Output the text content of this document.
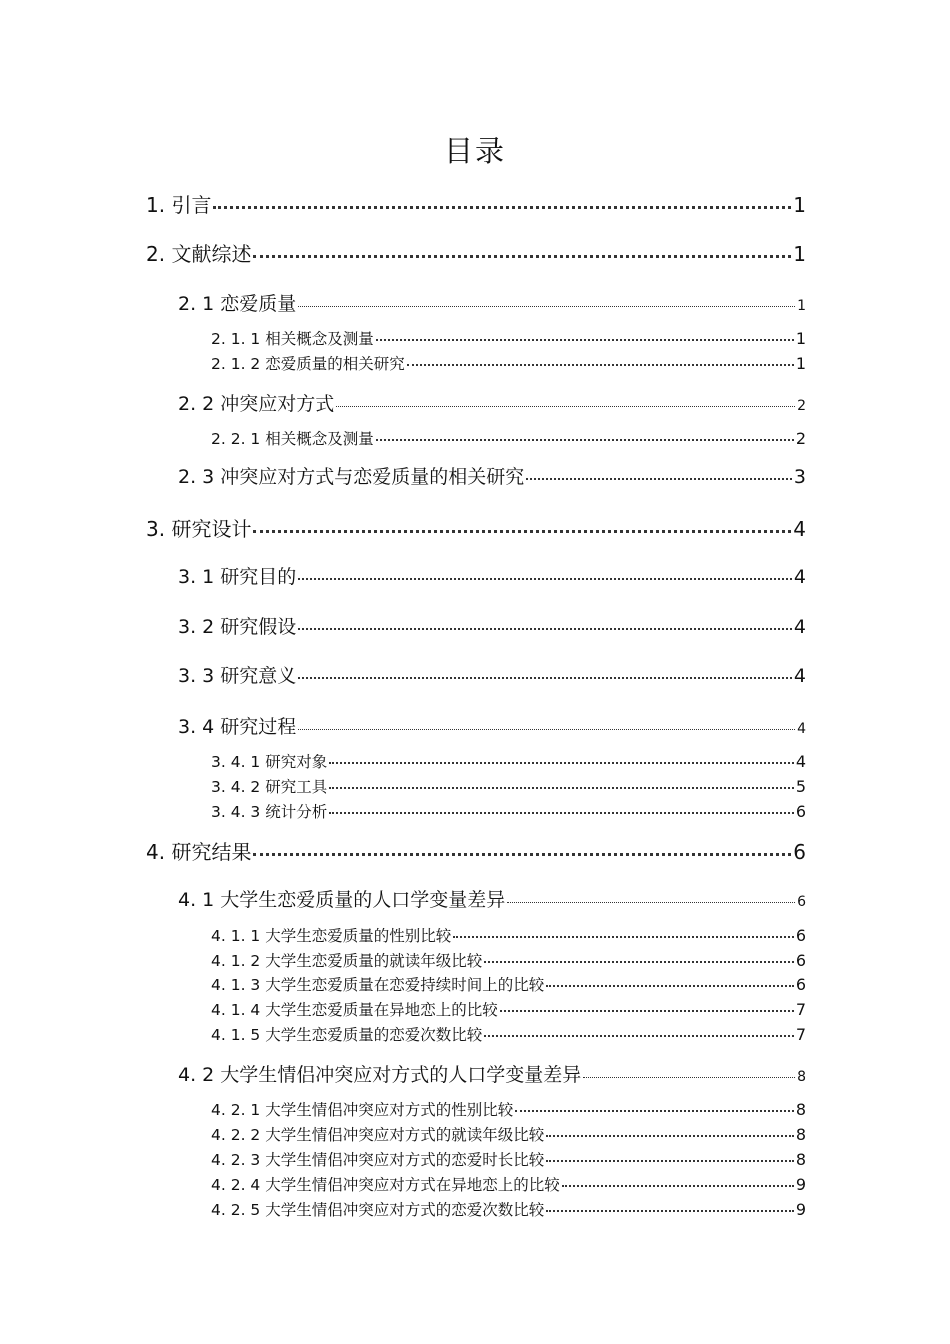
目录
1. 引言	1
2. 文献综述	1
2. 1 恋爱质量	1
2. 1. 1 相关概念及测量	1
2. 1. 2 恋爱质量的相关研究	1
2. 2 冲突应对方式	2
2. 2. 1 相关概念及测量	2
2. 3 冲突应对方式与恋爱质量的相关研究	3
3. 研究设计	4
3. 1 研究目的	4
3. 2 研究假设	4
3. 3 研究意义	4
3. 4 研究过程	4
3. 4. 1 研究对象	4
3. 4. 2 研究工具	5
3. 4. 3 统计分析	6
4. 研究结果	6
4. 1 大学生恋爱质量的人口学变量差异	6
4. 1. 1 大学生恋爱质量的性别比较	6
4. 1. 2 大学生恋爱质量的就读年级比较	6
4. 1. 3 大学生恋爱质量在恋爱持续时间上的比较	6
4. 1. 4 大学生恋爱质量在异地恋上的比较	7
4. 1. 5 大学生恋爱质量的恋爱次数比较	7
4. 2 大学生情侣冲突应对方式的人口学变量差异	8
4. 2. 1 大学生情侣冲突应对方式的性别比较	8
4. 2. 2 大学生情侣冲突应对方式的就读年级比较	8
4. 2. 3 大学生情侣冲突应对方式的恋爱时长比较	8
4. 2. 4 大学生情侣冲突应对方式在异地恋上的比较	9
4. 2. 5 大学生情侣冲突应对方式的恋爱次数比较	9
